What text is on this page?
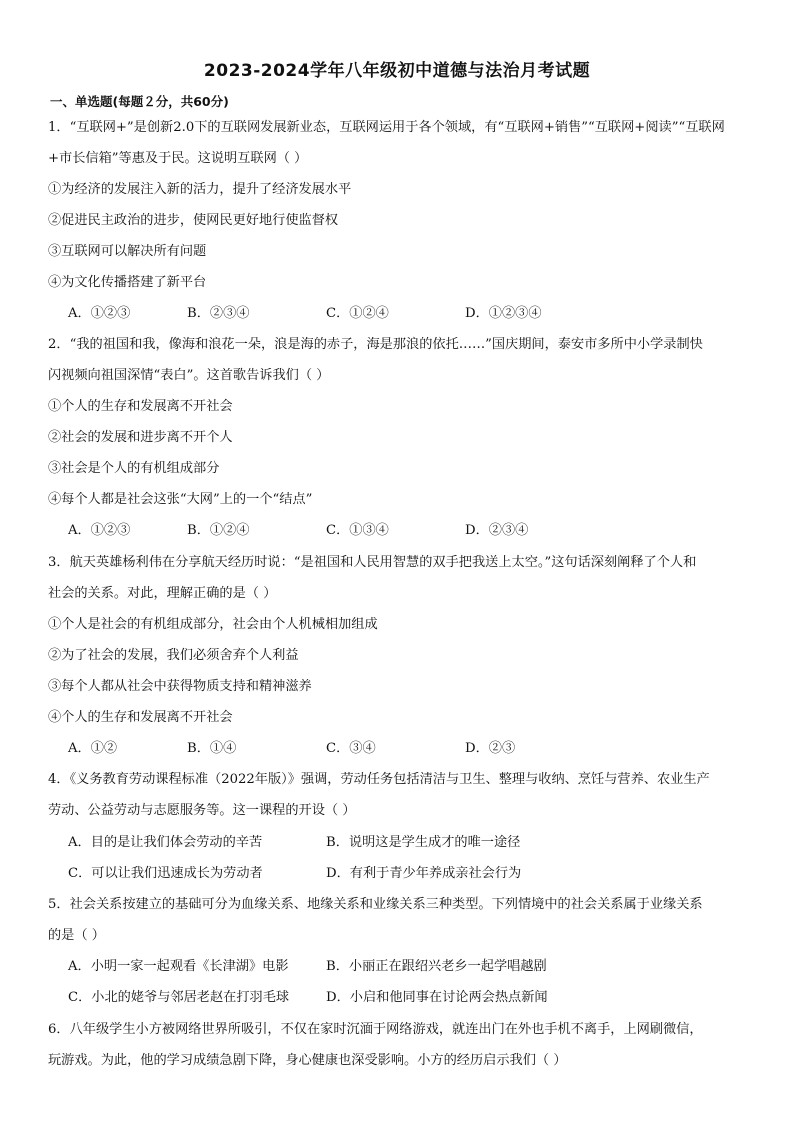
2023-2024学年八年级初中道德与法治月考试题
一、单选题(每题２分，共60分)
1．“互联网+”是创新2.0下的互联网发展新业态，互联网运用于各个领域，有“互联网+销售”“互联网+阅读”“互联网
+市长信箱”等惠及于民。这说明互联网（ ）
①为经济的发展注入新的活力，提升了经济发展水平
②促进民主政治的进步，使网民更好地行使监督权
③互联网可以解决所有问题
④为文化传播搭建了新平台
A．①②③	B．②③④	C．①②④	D．①②③④
2．“我的祖国和我，像海和浪花一朵，浪是海的赤子，海是那浪的依托……”国庆期间，泰安市多所中小学录制快
闪视频向祖国深情“表白”。这首歌告诉我们（ ）
①个人的生存和发展离不开社会
②社会的发展和进步离不开个人
③社会是个人的有机组成部分
④每个人都是社会这张“大网”上的一个“结点”
A．①②③	B．①②④	C．①③④	D．②③④
3．航天英雄杨利伟在分享航天经历时说：“是祖国和人民用智慧的双手把我送上太空。”这句话深刻阐释了个人和
社会的关系。对此，理解正确的是（ ）
①个人是社会的有机组成部分，社会由个人机械相加组成
②为了社会的发展，我们必须舍弃个人利益
③每个人都从社会中获得物质支持和精神滋养
④个人的生存和发展离不开社会
A．①②	B．①④	C．③④	D．②③
4．《义务教育劳动课程标准（2022年版）》强调，劳动任务包括清洁与卫生、整理与收纳、烹饪与营养、农业生产
劳动、公益劳动与志愿服务等。这一课程的开设（ ）
A．目的是让我们体会劳动的辛苦	B．说明这是学生成才的唯一途径
C．可以让我们迅速成长为劳动者	D．有利于青少年养成亲社会行为
5．社会关系按建立的基础可分为血缘关系、地缘关系和业缘关系三种类型。下列情境中的社会关系属于业缘关系
的是（ ）
A．小明一家一起观看《长津湖》电影	B．小丽正在跟绍兴老乡一起学唱越剧
C．小北的姥爷与邻居老赵在打羽毛球	D．小启和他同事在讨论两会热点新闻
6．八年级学生小方被网络世界所吸引，不仅在家时沉湎于网络游戏，就连出门在外也手机不离手，上网刷微信，
玩游戏。为此，他的学习成绩急剧下降，身心健康也深受影响。小方的经历启示我们（ ）
